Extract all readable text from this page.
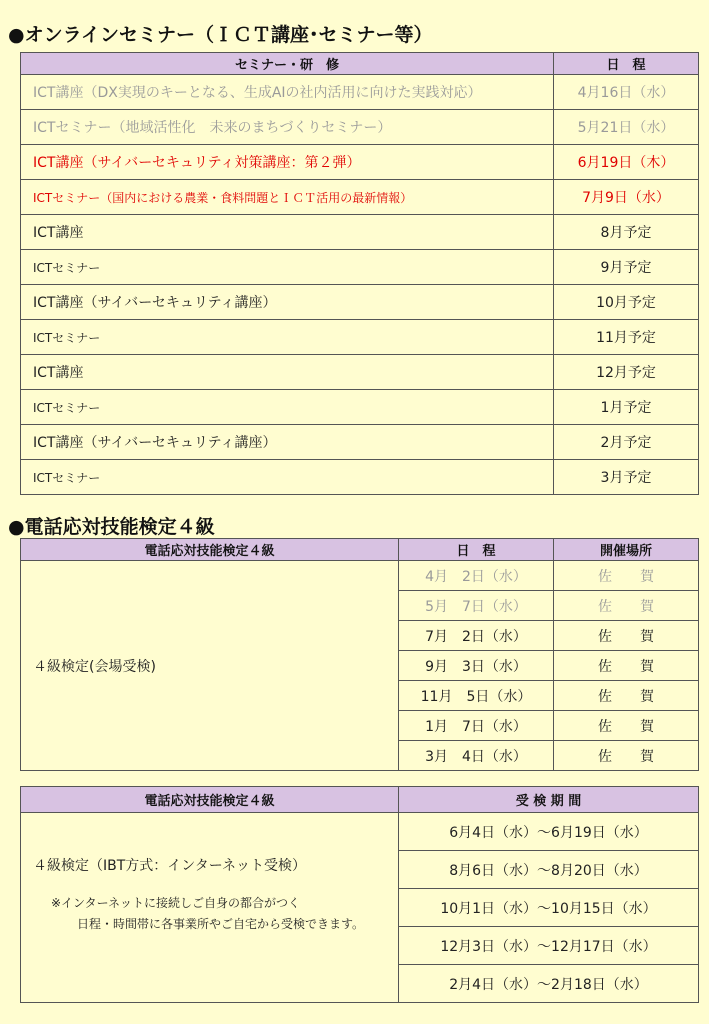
●オンラインセミナー（ＩＣＴ講座･セミナー等）
セミナー・研　修	日　程
ICT講座（DX実現のキーとなる、生成AIの社内活用に向けた実践対応）	4月16日（水）
ICTセミナー（地域活性化　未来のまちづくりセミナー）	5月21日（水）
ICT講座（サイバーセキュリティ対策講座：第２弾）	6月19日（木）
ICTセミナー（国内における農業・食料問題とＩＣＴ活用の最新情報）	7月9日（水）
ICT講座	8月予定
ICTセミナー	9月予定
ICT講座（サイバーセキュリティ講座）	10月予定
ICTセミナー	11月予定
ICT講座	12月予定
ICTセミナー	1月予定
ICT講座（サイバーセキュリティ講座）	2月予定
ICTセミナー	3月予定
●電話応対技能検定４級
電話応対技能検定４級	日　程	開催場所
４級検定(会場受検)	4月　2日（水）	佐　　賀
	5月　7日（水）	佐　　賀
	7月　2日（水）	佐　　賀
	9月　3日（水）	佐　　賀
	11月　5日（水）	佐　　賀
	1月　7日（水）	佐　　賀
	3月　4日（水）	佐　　賀
電話応対技能検定４級	受 検 期 間

４級検定（IBT方式：インターネット受検）
※インターネットに接続しご自身の都合がつく
日程・時間帯に各事業所やご自宅から受検できます。	6月4日（水）～6月19日（水）
	8月6日（水）～8月20日（水）
	10月1日（水）～10月15日（水）
	12月3日（水）～12月17日（水）
	2月4日（水）～2月18日（水）
